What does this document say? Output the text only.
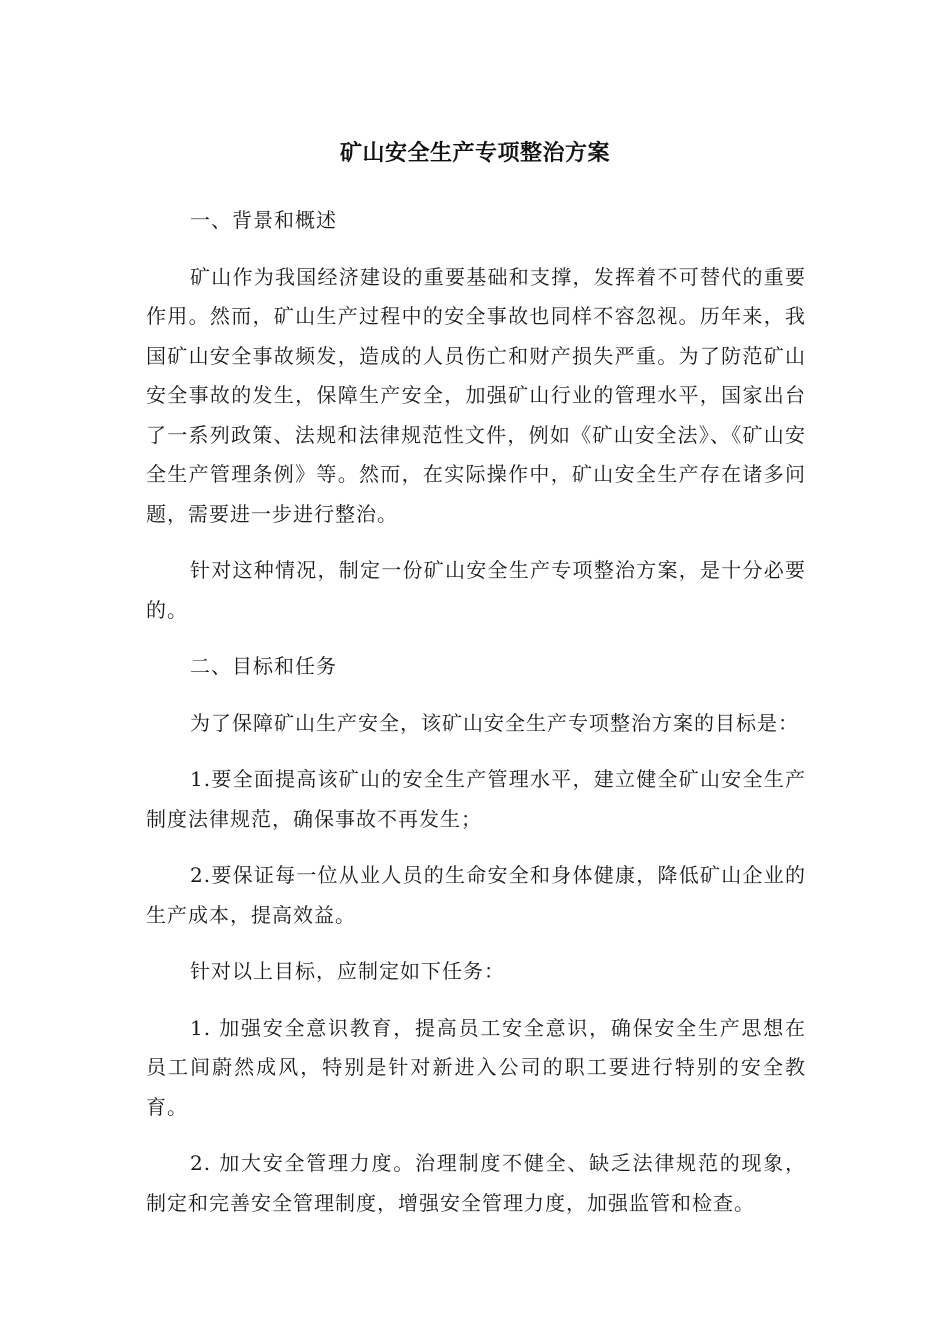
矿山安全生产专项整治方案

一、背景和概述

矿山作为我国经济建设的重要基础和支撑，发挥着不可替代的重要作用。然而，矿山生产过程中的安全事故也同样不容忽视。历年来，我国矿山安全事故频发，造成的人员伤亡和财产损失严重。为了防范矿山安全事故的发生，保障生产安全，加强矿山行业的管理水平，国家出台了一系列政策、法规和法律规范性文件，例如《矿山安全法》、《矿山安全生产管理条例》等。然而，在实际操作中，矿山安全生产存在诸多问题，需要进一步进行整治。

针对这种情况，制定一份矿山安全生产专项整治方案，是十分必要的。

二、目标和任务

为了保障矿山生产安全，该矿山安全生产专项整治方案的目标是：

1.要全面提高该矿山的安全生产管理水平，建立健全矿山安全生产制度法律规范，确保事故不再发生；

2.要保证每一位从业人员的生命安全和身体健康，降低矿山企业的生产成本，提高效益。

针对以上目标，应制定如下任务：

1. 加强安全意识教育，提高员工安全意识，确保安全生产思想在员工间蔚然成风，特别是针对新进入公司的职工要进行特别的安全教育。

2. 加大安全管理力度。治理制度不健全、缺乏法律规范的现象，制定和完善安全管理制度，增强安全管理力度，加强监管和检查。
